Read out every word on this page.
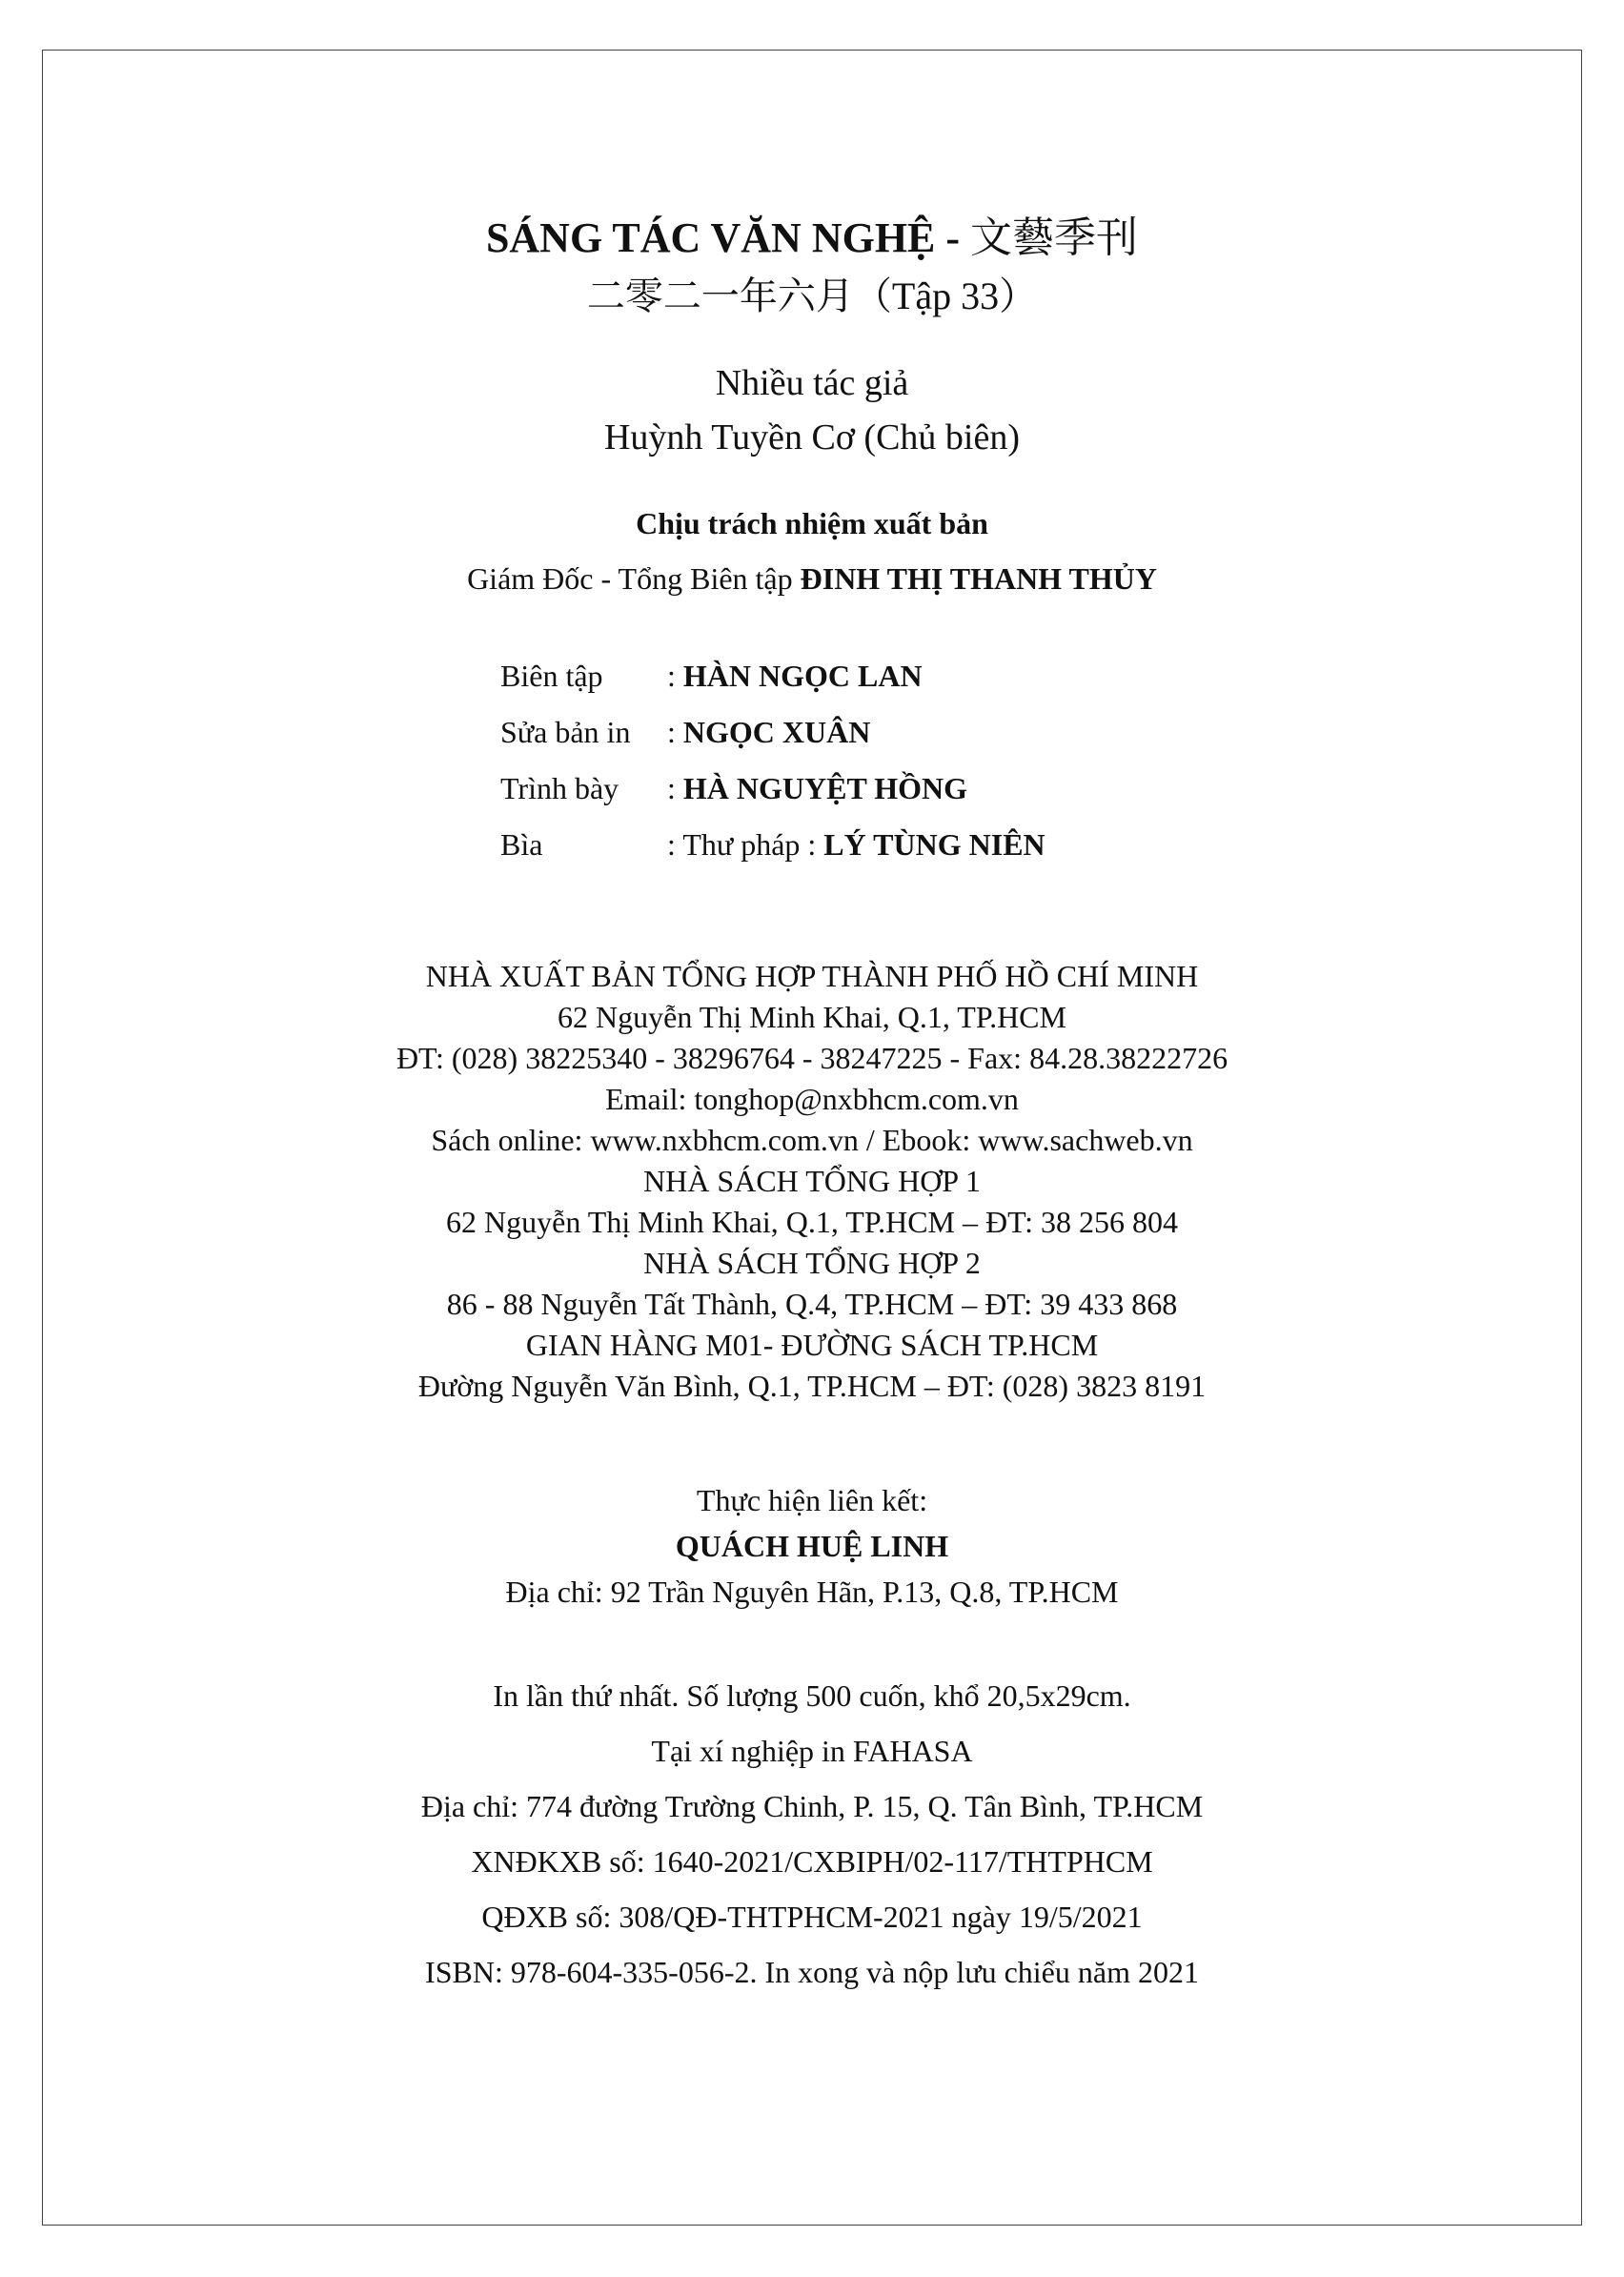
SÁNG TÁC VĂN NGHỆ - 文藝季刊
二零二一年六月（Tập 33）
Nhiều tác giả
Huỳnh Tuyền Cơ (Chủ biên)
Chịu trách nhiệm xuất bản
Giám Đốc - Tổng Biên tập ĐINH THỊ THANH THỦY
Biên tập : HÀN NGỌC LAN
Sửa bản in : NGỌC XUÂN
Trình bày : HÀ NGUYỆT HỒNG
Bìa	: Thư pháp : LÝ TÙNG NIÊN
NHÀ XUẤT BẢN TỔNG HỢP THÀNH PHỐ HỒ CHÍ MINH
62 Nguyễn Thị Minh Khai, Q.1, TP.HCM
ĐT: (028) 38225340 - 38296764 - 38247225 - Fax: 84.28.38222726
Email: tonghop@nxbhcm.com.vn
Sách online: www.nxbhcm.com.vn / Ebook: www.sachweb.vn
NHÀ SÁCH TỔNG HỢP 1
62 Nguyễn Thị Minh Khai, Q.1, TP.HCM – ĐT: 38 256 804
NHÀ SÁCH TỔNG HỢP 2
86 - 88 Nguyễn Tất Thành, Q.4, TP.HCM – ĐT: 39 433 868
GIAN HÀNG M01- ĐƯỜNG SÁCH TP.HCM
Đường Nguyễn Văn Bình, Q.1, TP.HCM – ĐT: (028) 3823 8191
Thực hiện liên kết:
QUÁCH HUỆ LINH
Địa chỉ: 92 Trần Nguyên Hãn, P.13, Q.8, TP.HCM
In lần thứ nhất. Số lượng 500 cuốn, khổ 20,5x29cm.
Tại xí nghiệp in FAHASA
Địa chỉ: 774 đường Trường Chinh, P. 15, Q. Tân Bình, TP.HCM
XNĐKXB số: 1640-2021/CXBIPH/02-117/THTPHCM
QĐXB số: 308/QĐ-THTPHCM-2021 ngày 19/5/2021
ISBN: 978-604-335-056-2. In xong và nộp lưu chiểu năm 2021
